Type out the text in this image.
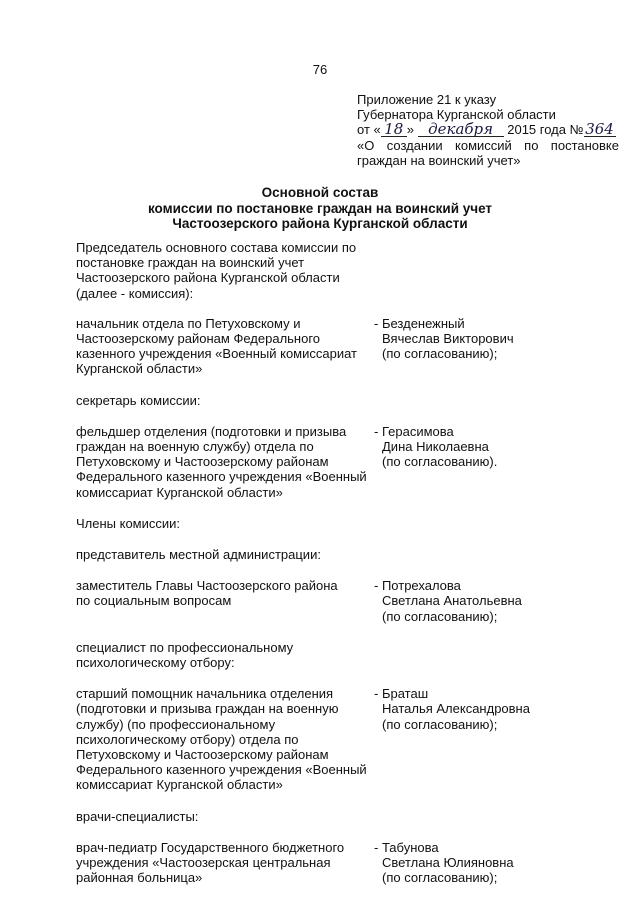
76
Приложение 21 к указу
Губернатора Курганской области
от « 18 » декабря 2015 года № 364
«О создании комиссий по постановке
граждан на воинский учет»
Основной состав
комиссии по постановке граждан на воинский учет
Частоозерского района Курганской области
Председатель основного состава комиссии по
постановке граждан на воинский учет
Частоозерского района Курганской области
(далее - комиссия):
начальник отдела по Петуховскому и
Частоозерскому районам Федерального
казенного учреждения «Военный комиссариат
Курганской области»
- Безденежный
Вячеслав Викторович
(по согласованию);
секретарь комиссии:
фельдшер отделения (подготовки и призыва
граждан на военную службу) отдела по
Петуховскому и Частоозерскому районам
Федерального казенного учреждения «Военный
комиссариат Курганской области»
- Герасимова
Дина Николаевна
(по согласованию).
Члены комиссии:
представитель местной администрации:
заместитель Главы Частоозерского района
по социальным вопросам
- Потрехалова
Светлана Анатольевна
(по согласованию);
специалист по профессиональному
психологическому отбору:
старший помощник начальника отделения
(подготовки и призыва граждан на военную
службу) (по профессиональному
психологическому отбору) отдела по
Петуховскому и Частоозерскому районам
Федерального казенного учреждения «Военный
комиссариат Курганской области»
- Браташ
Наталья Александровна
(по согласованию);
врачи-специалисты:
врач-педиатр Государственного бюджетного
учреждения «Частоозерская центральная
районная больница»
- Табунова
Светлана Юлияновна
(по согласованию);
